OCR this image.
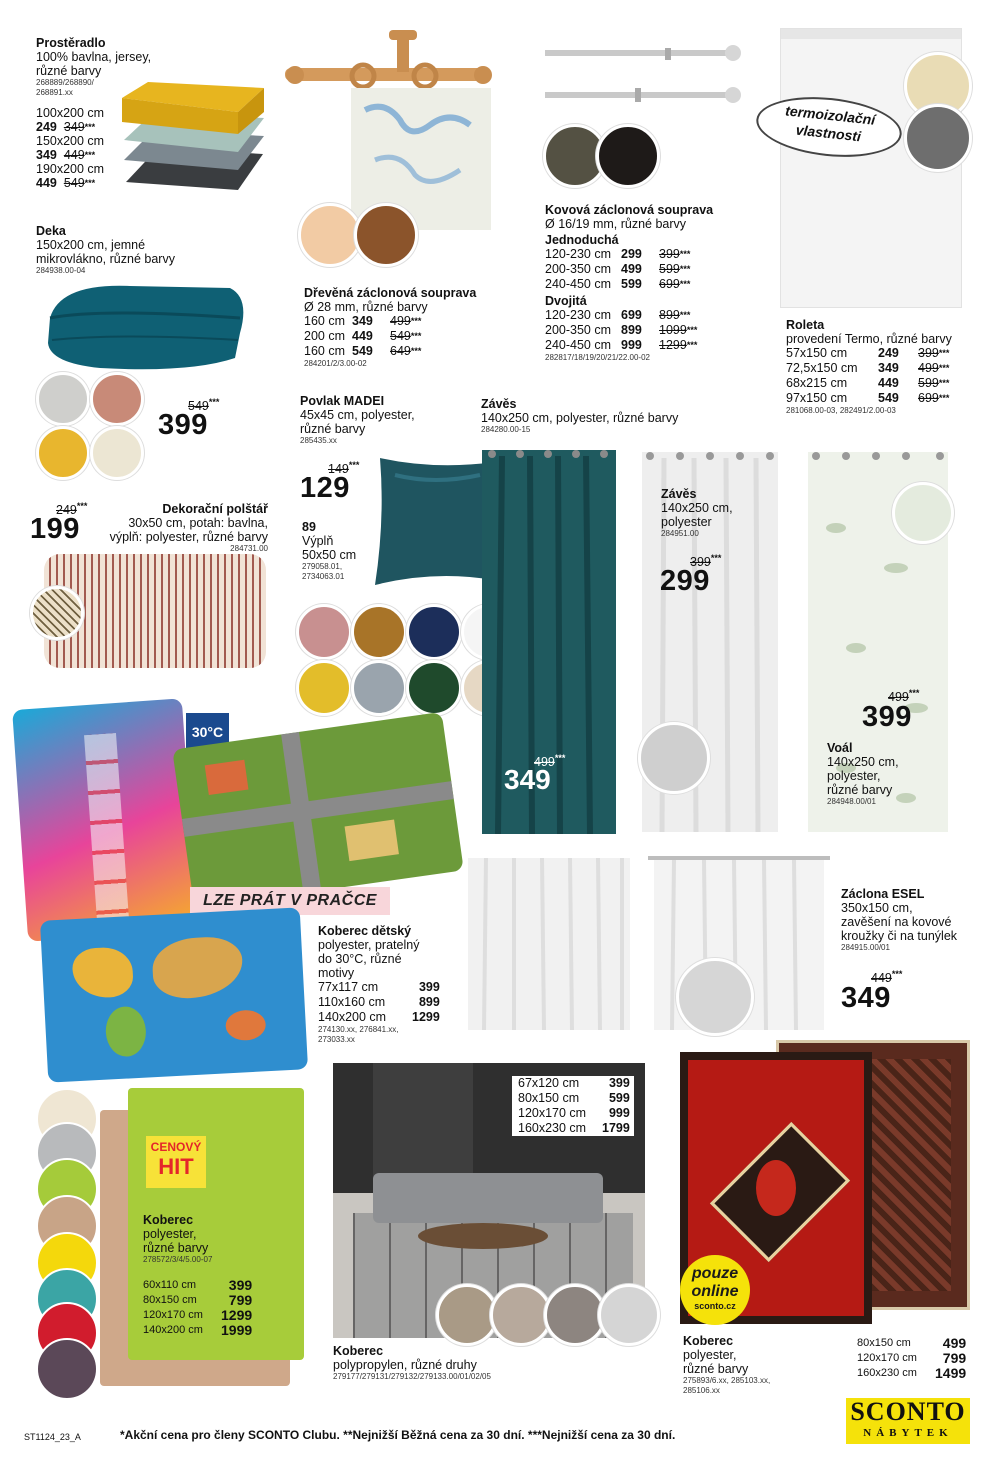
Prostěradlo
100% bavlna, jersey,
různé barvy
268889/268890/
268891.xx
100x200 cm
249 349***
150x200 cm
349 449***
190x200 cm
449 549***
Deka
150x200 cm, jemné
mikrovlákno, různé barvy
284938.00-04
549***
399
Dřevěná záclonová souprava
Ø 28 mm, různé barvy
160 cm	349	499***
200 cm	449	549***
160 cm	549	649***
284201/2/3.00-02
Kovová záclonová souprava
Ø 16/19 mm, různé barvy
Jednoduchá
120-230 cm	299	399***
200-350 cm	499	599***
240-450 cm	599	699***
Dvojitá
120-230 cm	699	899***
200-350 cm	899	1099***
240-450 cm	999	1299***
282817/18/19/20/21/22.00-02
termoizolační
vlastnosti
Roleta
provedení Termo, různé barvy
57x150 cm	249	399***
72,5x150 cm	349	499***
68x215 cm	449	599***
97x150 cm	549	699***
281068.00-03, 282491/2.00-03
Povlak MADEI
45x45 cm, polyester,
různé barvy
285435.xx
149***
129
89
Výplň
50x50 cm
279058.01,
2734063.01
Závěs
140x250 cm, polyester, různé barvy
284280.00-15
499***
349
249***
199
Dekorační polštář
30x50 cm, potah: bavlna,
výplň: polyester, různé barvy
284731.00
Závěs
140x250 cm,
polyester
284951.00
399***
299
499***
399
Voál
140x250 cm,
polyester,
různé barvy
284948.00/01
30°C
LZE PRÁT V PRAČCE
Koberec dětský
polyester, pratelný
do 30°C, různé
motivy
77x117 cm	399
110x160 cm	899
140x200 cm	1299
274130.xx, 276841.xx,
273033.xx
Záclona ESEL
350x150 cm,
zavěšení na kovové
kroužky či na tunýlek
284915.00/01
449***
349
CENOVÝ
HIT
Koberec
polyester,
různé barvy
278572/3/4/5.00-07
60x110 cm	399
80x150 cm	799
120x170 cm	1299
140x200 cm	1999
67x120 cm	399
80x150 cm	599
120x170 cm	999
160x230 cm	1799
Koberec
polypropylen, různé druhy
279177/279131/279132/279133.00/01/02/05
pouze
online
sconto.cz
Koberec
polyester,
různé barvy
275893/6.xx, 285103.xx,
285106.xx
80x150 cm	499
120x170 cm	799
160x230 cm	1499
ST1124_23_A	*Akční cena pro členy SCONTO Clubu. **Nejnižší Běžná cena za 30 dní. ***Nejnižší cena za 30 dní.
SCONTO
NÁBYTEK
